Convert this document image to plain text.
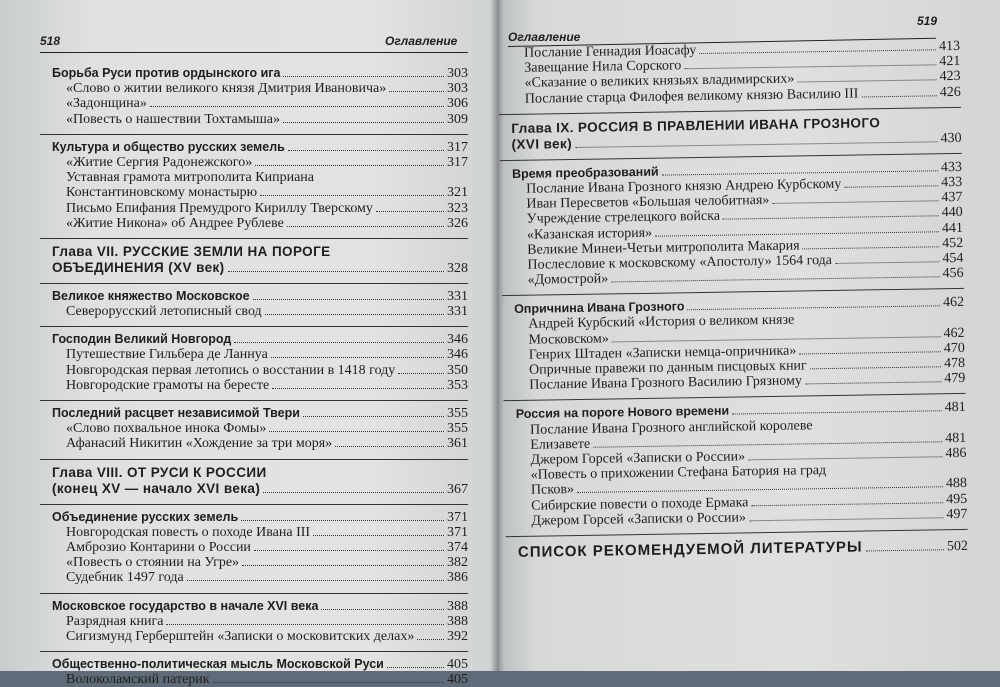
518	Оглавление
Борьба Руси против ордынского ига	303
«Слово о житии великого князя Дмитрия Ивановича»	303
«Задонщина»	306
«Повесть о нашествии Тохтамыша»	309
Культура и общество русских земель	317
«Житие Сергия Радонежского»	317
Уставная грамота митрополита Киприана
Константиновскому монастырю	321
Письмо Епифания Премудрого Кириллу Тверскому	323
«Житие Никона» об Андрее Рублеве	326
Глава VII. РУССКИЕ ЗЕМЛИ НА ПОРОГЕ
ОБЪЕДИНЕНИЯ (XV век)	328
Великое княжество Московское	331
Северорусский летописный свод	331
Господин Великий Новгород	346
Путешествие Гильбера де Ланнуа	346
Новгородская первая летопись о восстании в 1418 году	350
Новгородские грамоты на бересте	353
Последний расцвет независимой Твери	355
«Слово похвальное инока Фомы»	355
Афанасий Никитин «Хождение за три моря»	361
Глава VIII. ОТ РУСИ К РОССИИ
(конец XV — начало XVI века)	367
Объединение русских земель	371
Новгородская повесть о походе Ивана III	371
Амброзио Контарини о России	374
«Повесть о стоянии на Угре»	382
Судебник 1497 года	386
Московское государство в начале XVI века	388
Разрядная книга	388
Сигизмунд Герберштейн «Записки о московитских делах» 392
Общественно-политическая мысль Московской Руси	405
Волоколамский патерик	405
Оглавление
519
Послание Геннадия Иоасафу	413
Завещание Нила Сорского	421
«Сказание о великих князьях владимирских»	423
Послание старца Филофея великому князю Василию III	426
Глава IX. РОССИЯ В ПРАВЛЕНИИ ИВАНА ГРОЗНОГО
(XVI век)	430
Время преобразований	433
Послание Ивана Грозного князю Андрею Курбскому	433
Иван Пересветов «Большая челобитная»	437
Учреждение стрелецкого войска	440
«Казанская история»	441
Великие Минеи-Четьи митрополита Макария	452
Послесловие к московскому «Апостолу» 1564 года	454
«Домострой»	456
Опричнина Ивана Грозного	462
Андрей Курбский «История о великом князе
Московском»	462
Генрих Штаден «Записки немца-опричника»	470
Опричные правежи по данным писцовых книг	478
Послание Ивана Грозного Василию Грязному	479
Россия на пороге Нового времени	481
Послание Ивана Грозного английской королеве
Елизавете	481
Джером Горсей «Записки о России»	486
«Повесть о прихожении Стефана Батория на град
Псков»	488
Сибирские повести о походе Ермака	495
Джером Горсей «Записки о России»	497
СПИСОК РЕКОМЕНДУЕМОЙ ЛИТЕРАТУРЫ	502
